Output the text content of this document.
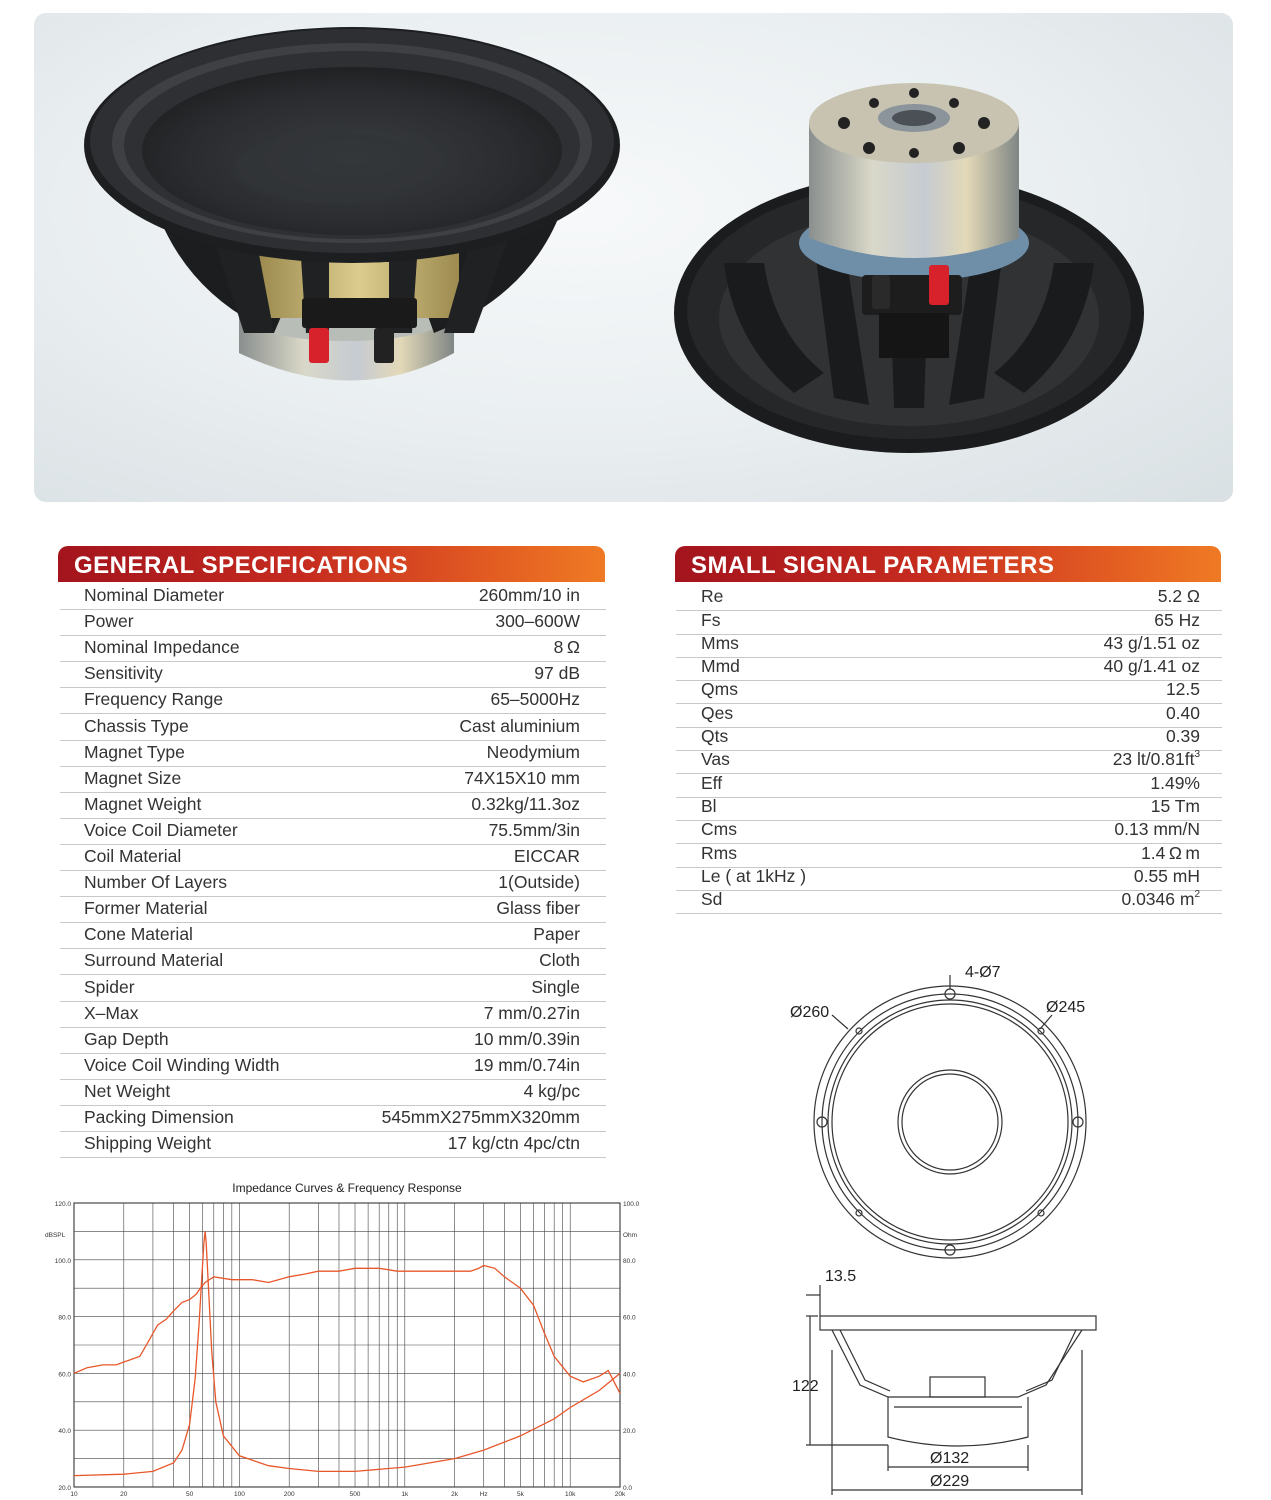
GENERAL SPECIFICATIONS
Nominal Diameter	260mm/10 in
Power	300–600W
Nominal Impedance	8 Ω
Sensitivity	97 dB
Frequency Range	65–5000Hz
Chassis Type	Cast aluminium
Magnet Type	Neodymium
Magnet Size	74X15X10 mm
Magnet Weight	0.32kg/11.3oz
Voice Coil Diameter	75.5mm/3in
Coil Material	EICCAR
Number Of Layers	1(Outside)
Former Material	Glass fiber
Cone Material	Paper
Surround Material	Cloth
Spider	Single
X–Max	7 mm/0.27in
Gap Depth	10 mm/0.39in
Voice Coil Winding Width	19 mm/0.74in
Net Weight	4 kg/pc
Packing Dimension	545mmX275mmX320mm
Shipping Weight	17 kg/ctn 4pc/ctn
SMALL SIGNAL PARAMETERS
Re	5.2 Ω
Fs	65 Hz
Mms	43 g/1.51 oz
Mmd	40 g/1.41 oz
Qms	12.5
Qes	0.40
Qts	0.39
Vas	23 $lt/0.81ft^3$
Eff	1.49%
Bl	15 Tm
Cms	0.13 mm/N
Rms	1.4 Ω m
Le ( at 1kHz )	0.55 mH
Sd	0.0346 $m^2$
Impedance Curves & Frequency Response
120.0
100.0
80.0
60.0
40.0
20.0
100.0
80.0
60.0
40.0
20.0
0.0
dBSPL	Ohm
10	20	50	100	200	500	1k	2k	Hz	5k	10k	20k
4-Ø7
Ø260	Ø245
13.5
122
Ø132
Ø229
